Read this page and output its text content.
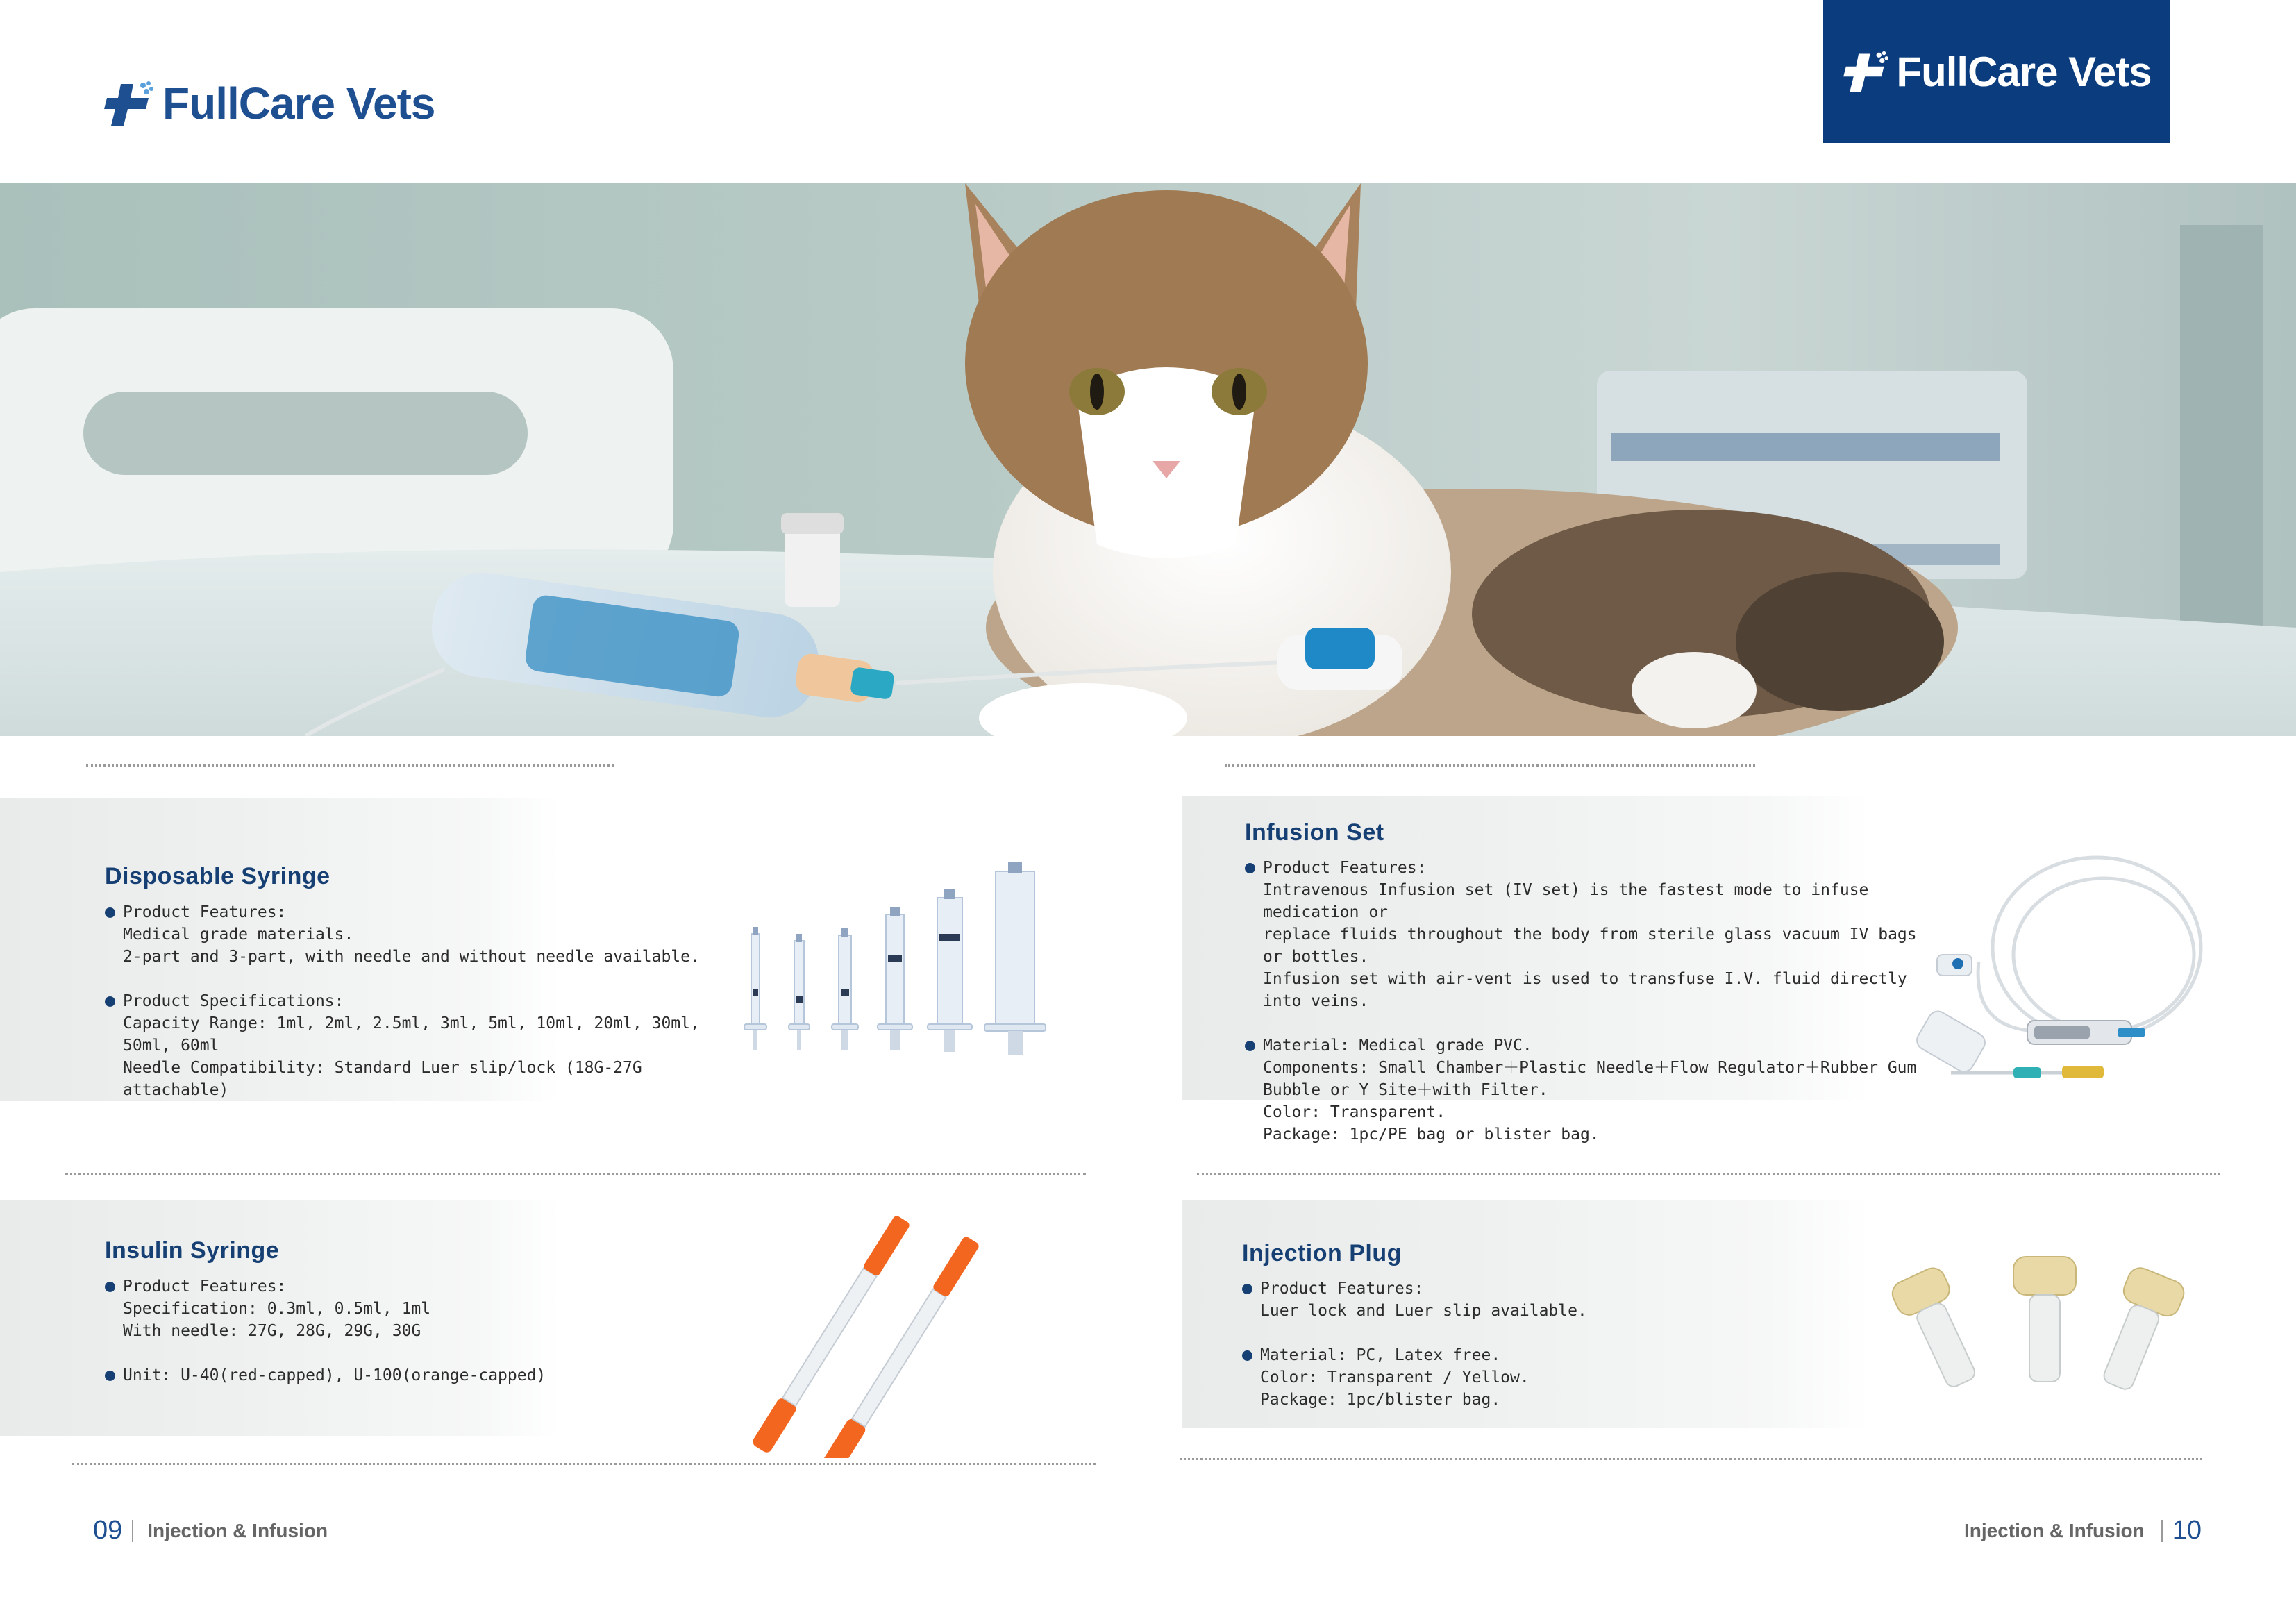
FullCare Vets
FullCare Vets
Disposable Syringe
Product Features:
Medical grade materials.
2-part and 3-part, with needle and without needle available.
Product Specifications:
Capacity Range: 1ml, 2ml, 2.5ml, 3ml, 5ml, 10ml, 20ml, 30ml, 50ml, 60ml
Needle Compatibility: Standard Luer slip/lock (18G-27G attachable)
Infusion Set
Product Features:
Intravenous Infusion set (IV set) is the fastest mode to infuse medication or
replace fluids throughout the body from sterile glass vacuum IV bags or bottles.
Infusion set with air-vent is used to transfuse I.V. fluid directly into veins.
Material: Medical grade PVC.
Components: Small Chamber＋Plastic Needle＋Flow Regulator＋Rubber Gum
Bubble or Y Site＋with Filter.
Color: Transparent.
Package: 1pc/PE bag or blister bag.
Insulin Syringe
Product Features:
Specification: 0.3ml, 0.5ml, 1ml
With needle: 27G, 28G, 29G, 30G
Unit: U-40(red-capped), U-100(orange-capped)
Injection Plug
Product Features:
Luer lock and Luer slip available.
Material: PC, Latex free.
Color: Transparent / Yellow.
Package: 1pc/blister bag.
09 Injection & Infusion	Injection & Infusion 10
